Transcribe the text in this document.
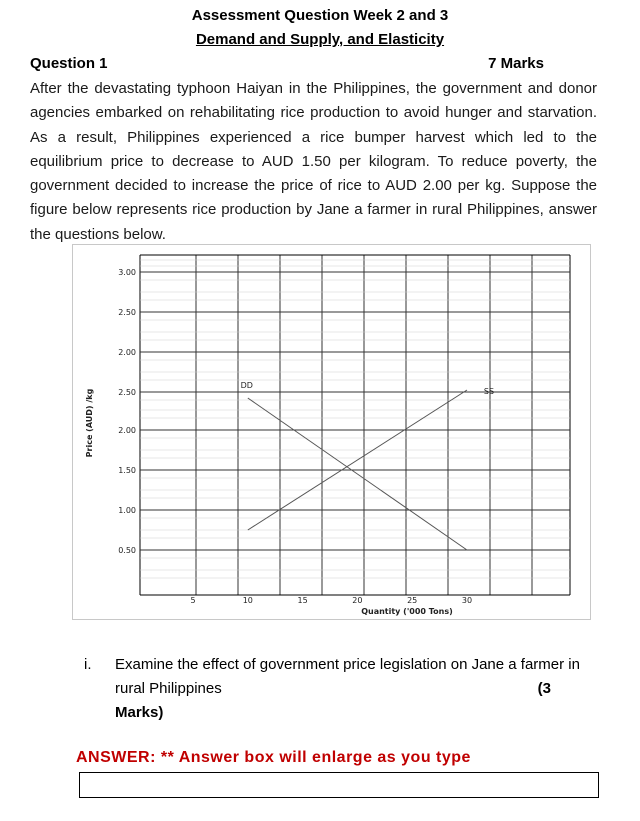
Assessment Question Week 2 and 3
Demand and Supply, and Elasticity
Question 1	7 Marks
After the devastating typhoon Haiyan in the Philippines, the government and donor agencies embarked on rehabilitating rice production to avoid hunger and starvation. As a result, Philippines experienced a rice bumper harvest which led to the equilibrium price to decrease to AUD 1.50 per kilogram. To reduce poverty, the government decided to increase the price of rice to AUD 2.00 per kg. Suppose the figure below represents rice production by Jane a farmer in rural Philippines, answer the questions below.
3.00
2.50
2.00
2.50
2.00
1.50
1.00
0.50
5	10	15	20	25	30
DD
SS
Price (AUD) /kg
Quantity ('000 Tons)
i. Examine the effect of government price legislation on Jane a farmer in rural Philippines	(3

Marks)
ANSWER: ** Answer box will enlarge as you type
